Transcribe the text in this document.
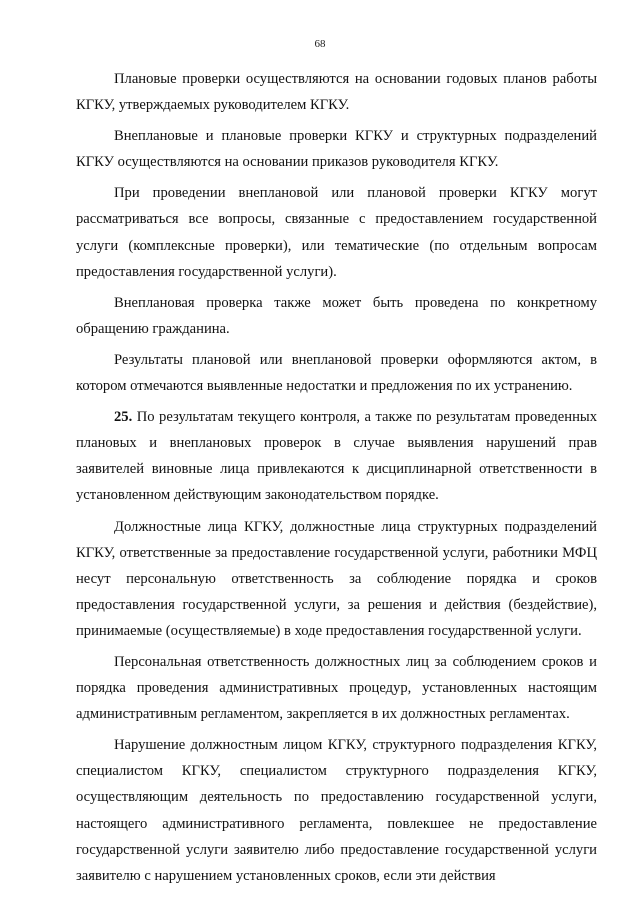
68

Плановые проверки осуществляются на основании годовых планов работы КГКУ, утверждаемых руководителем КГКУ.

Внеплановые и плановые проверки КГКУ и структурных подразделений КГКУ осуществляются на основании приказов руководителя КГКУ.

При проведении внеплановой или плановой проверки КГКУ могут рассматриваться все вопросы, связанные с предоставлением государственной услуги (комплексные проверки), или тематические (по отдельным вопросам предоставления государственной услуги).

Внеплановая проверка также может быть проведена по конкретному обращению гражданина.

Результаты плановой или внеплановой проверки оформляются актом, в котором отмечаются выявленные недостатки и предложения по их устранению.

25. По результатам текущего контроля, а также по результатам проведенных плановых и внеплановых проверок в случае выявления нарушений прав заявителей виновные лица привлекаются к дисциплинарной ответственности в установленном действующим законодательством порядке.

Должностные лица КГКУ, должностные лица структурных подразделений КГКУ, ответственные за предоставление государственной услуги, работники МФЦ несут персональную ответственность за соблюдение порядка и сроков предоставления государственной услуги, за решения и действия (бездействие), принимаемые (осуществляемые) в ходе предоставления государственной услуги.

Персональная ответственность должностных лиц за соблюдением сроков и порядка проведения административных процедур, установленных настоящим административным регламентом, закрепляется в их должностных регламентах.

Нарушение должностным лицом КГКУ, структурного подразделения КГКУ, специалистом КГКУ, специалистом структурного подразделения КГКУ, осуществляющим деятельность по предоставлению государственной услуги, настоящего административного регламента, повлекшее не предоставление государственной услуги заявителю либо предоставление государственной услуги заявителю с нарушением установленных сроков, если эти действия
